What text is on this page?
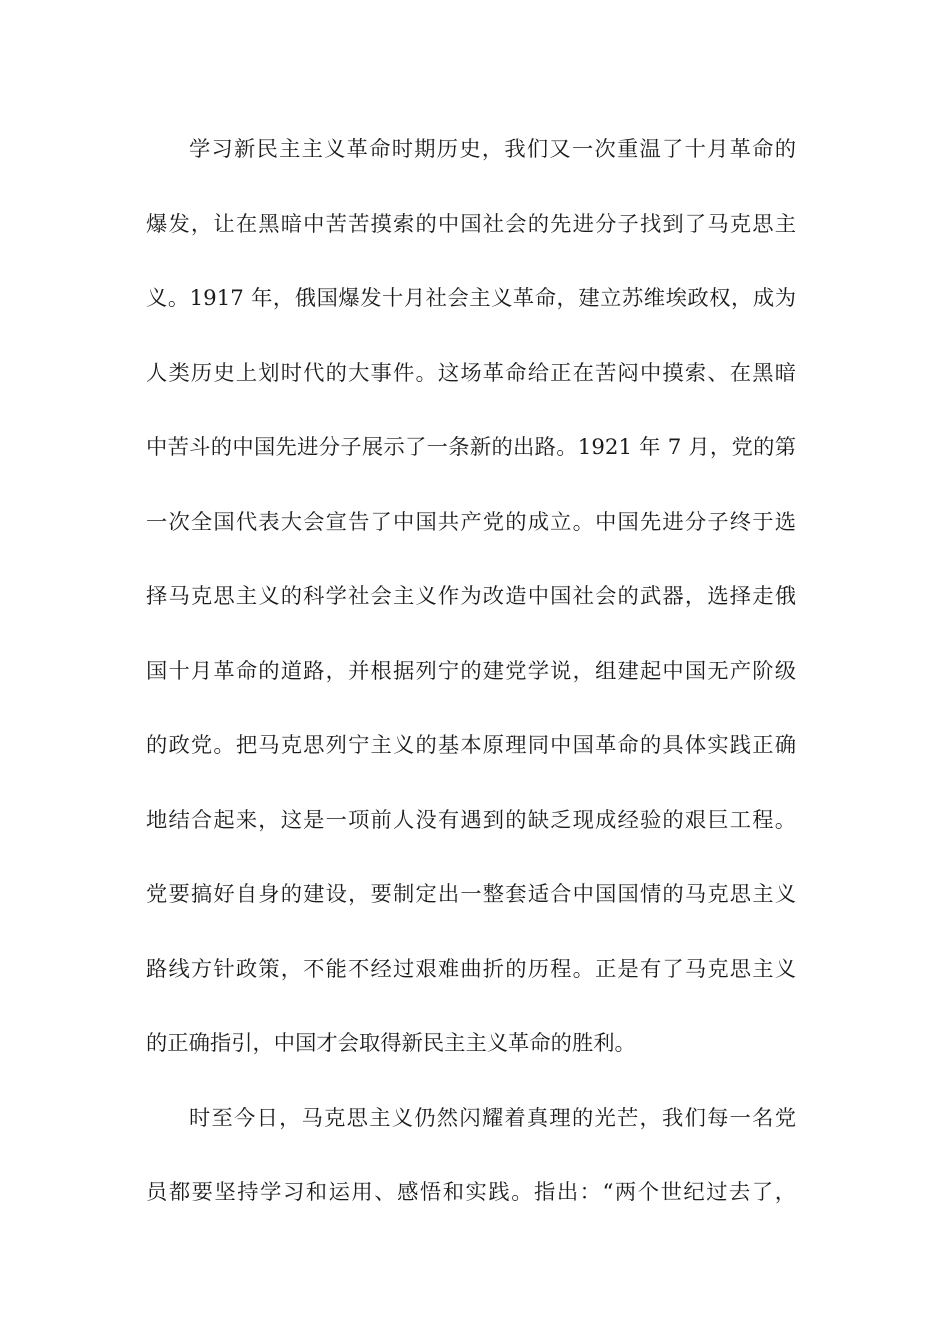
学习新民主主义革命时期历史，我们又一次重温了十月革命的
爆发，让在黑暗中苦苦摸索的中国社会的先进分子找到了马克思主
义。1917 年，俄国爆发十月社会主义革命，建立苏维埃政权，成为
人类历史上划时代的大事件。这场革命给正在苦闷中摸索、在黑暗
中苦斗的中国先进分子展示了一条新的出路。1921 年 7 月，党的第
一次全国代表大会宣告了中国共产党的成立。中国先进分子终于选
择马克思主义的科学社会主义作为改造中国社会的武器，选择走俄
国十月革命的道路，并根据列宁的建党学说，组建起中国无产阶级
的政党。把马克思列宁主义的基本原理同中国革命的具体实践正确
地结合起来，这是一项前人没有遇到的缺乏现成经验的艰巨工程。
党要搞好自身的建设，要制定出一整套适合中国国情的马克思主义
路线方针政策，不能不经过艰难曲折的历程。正是有了马克思主义
的正确指引，中国才会取得新民主主义革命的胜利。
时至今日，马克思主义仍然闪耀着真理的光芒，我们每一名党
员都要坚持学习和运用、感悟和实践。指出：“两个世纪过去了，
